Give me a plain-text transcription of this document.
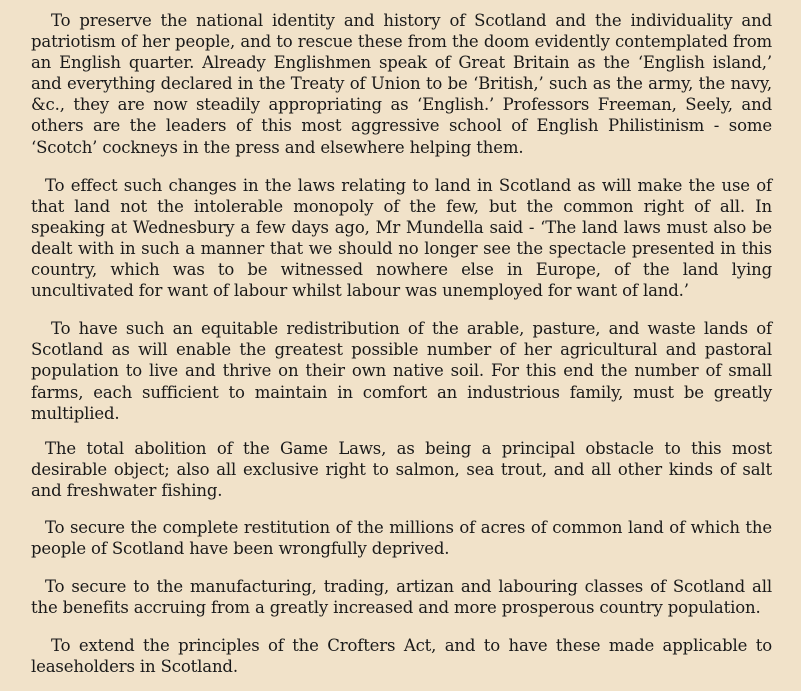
To preserve the national identity and history of Scotland and the individuality and patriotism of her people, and to rescue these from the doom evidently contemplated from an English quarter. Already Englishmen speak of Great Britain as the ‘English island,’ and everything declared in the Treaty of Union to be ‘British,’ such as the army, the navy, &c., they are now steadily appropriating as ‘English.’ Professors Freeman, Seely, and others are the leaders of this most aggressive school of English Philistinism - some ‘Scotch’ cockneys in the press and elsewhere helping them.

To effect such changes in the laws relating to land in Scotland as will make the use of that land not the intolerable monopoly of the few, but the common right of all. In speaking at Wednesbury a few days ago, Mr Mundella said - ‘The land laws must also be dealt with in such a manner that we should no longer see the spectacle presented in this country, which was to be witnessed nowhere else in Europe, of the land lying uncultivated for want of labour whilst labour was unemployed for want of land.’

To have such an equitable redistribution of the arable, pasture, and waste lands of Scotland as will enable the greatest possible number of her agricultural and pastoral population to live and thrive on their own native soil. For this end the number of small farms, each sufficient to maintain in comfort an industrious family, must be greatly multiplied.

The total abolition of the Game Laws, as being a principal obstacle to this most desirable object; also all exclusive right to salmon, sea trout, and all other kinds of salt and freshwater fishing.

To secure the complete restitution of the millions of acres of common land of which the people of Scotland have been wrongfully deprived.

To secure to the manufacturing, trading, artizan and labouring classes of Scotland all the benefits accruing from a greatly increased and more prosperous country population.

To extend the principles of the Crofters Act, and to have these made applicable to leaseholders in Scotland.
